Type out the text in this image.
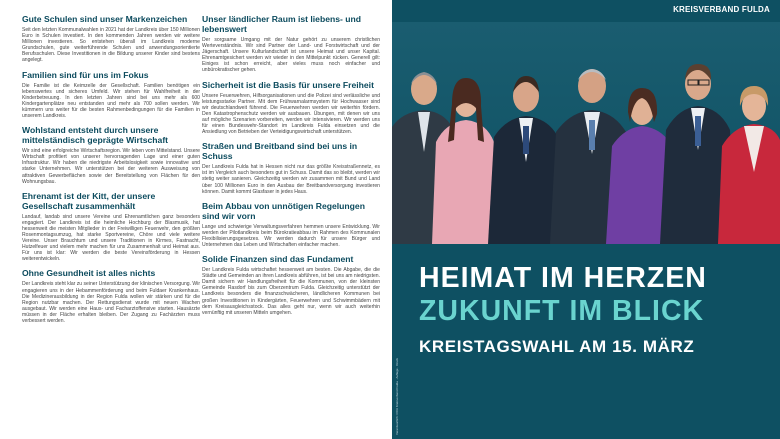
Gute Schulen sind unser Markenzeichen

Seit den letzten Kommunalwahlen in 2021 hat der Landkreis über 150 Millionen Euro in Schulen investiert. In den kommenden Jahren werden wir weitere Millionen investieren. So entstehen überall im Landkreis moderne Grundschulen, gute weiterführende Schulen und anwendungsorientierte Berufsschulen. Diese Investitionen in die Bildung unserer Kinder sind bestens angelegt.

Familien sind für uns im Fokus

Die Familie ist die Keimzelle der Gesellschaft. Familien benötigen ein lebenswertes und sicheres Umfeld. Wir stehen für Wahlfreiheit in der Kinderbetreuung. In den letzten Jahren sind bei uns mehr als 600 Kindergartenplätze neu entstanden und mehr als 700 sollen werden. Wir kümmern uns weiter für die besten Rahmenbedingungen für die Familien in unserem Landkreis.

Wohlstand entsteht durch unsere mittelständisch geprägte Wirtschaft

Wir sind eine erfolgreiche Wirtschaftsregion. Wir leben vom Mittelstand. Unsere Wirtschaft profitiert von unserer hervorragenden Lage und einer guten Infrastruktur. Wir haben die niedrigste Arbeitslosigkeit sowie innovative und starke Unternehmen. Wir unterstützen bei der weiteren Ausweisung von attraktiven Gewerbeflächen sowie der Bereitstellung von Flächen für den Wohnungsbau.

Ehrenamt ist der Kitt, der unsere Gesellschaft zusammenhält

Landauf, landab sind unsere Vereine und Ehrenamtlichen ganz besonders engagiert. Der Landkreis ist die heimliche Hochburg der Blasmusik, hat hessenweit die meisten Mitglieder in der Freiwilligen Feuerwehr, den größten Rosenmontagsumzug, hat starke Sportvereine, Chöre und viele weitere Vereine. Unser Brauchtum und unsere Traditionen in Kirmes, Fastnacht, Hutzelfeuer und vielem mehr machen für uns Zusammenhalt und Heimat aus. Für uns ist klar: Wir werden die beste Vereinsförderung in Hessen weiterentwickeln.

Ohne Gesundheit ist alles nichts

Der Landkreis steht klar zu seiner Unterstützung der klinischen Versorgung. Wir engagieren uns in der Hebammenförderung und beim Fuldaer Krankenhaus. Die Medizinerausbildung in der Region Fulda wollen wir stärken und für die Region nutzbar machen. Der Rettungsdienst wurde mit neuen Wachen ausgebaut. Wir werden eine Haus- und Facharztoffensive starten. Hausärzte müssen in der Fläche erhalten bleiben. Der Zugang zu Fachärzten muss verbessert werden.

Unser ländlicher Raum ist liebens- und lebenswert

Der sorgsame Umgang mit der Natur gehört zu unserem christlichen Werteverständnis. Wir sind Partner der Land- und Forstwirtschaft und der Jägerschaft. Unsere Kulturlandschaft ist unsere Heimat und unser Kapital. Ehrenamtgesichert werden wir wieder in den Mittelpunkt rücken. Generell gilt: Einiges ist schon erreicht, aber vieles muss noch einfacher und unbürokratischer gehen.

Sicherheit ist die Basis für unsere Freiheit

Unsere Feuerwehren, Hilfsorganisationen und die Polizei sind verlässliche und leistungsstarke Partner. Mit dem Frühwarnalarmsystem für Hochwasser sind wir deutschlandweit führend. Die Feuerwehren werden wir weiterhin fördern. Den Katastrophenschutz werden wir ausbauen. Übungen, mit denen wir uns auf mögliche Szenarien vorbereiten, werden wir intensivieren. Wir werden uns für einen Bundeswehr-Standort im Landkreis Fulda einsetzen und die Ansiedlung von Betrieben der Verteidigungswirtschaft unterstützen.

Straßen und Breitband sind bei uns in Schuss

Der Landkreis Fulda hat in Hessen nicht nur das größte Kreisstraßennetz, es ist im Vergleich auch besonders gut in Schuss. Damit das so bleibt, werden wir stetig weiter sanieren. Gleichzeitig werden wir zusammen mit Bund und Land über 100 Millionen Euro in den Ausbau der Breitbandversorgung investieren können. Damit kommt Glasfaser in jedes Haus.

Beim Abbau von unnötigen Regelungen sind wir vorn

Lange und schwierige Verwaltungsverfahren hemmen unsere Entwicklung. Wir werden der Pilotlandkreis beim Bürokratieabbau im Rahmen des Kommunalen Flexibilisierungsgesetzes. Wir werden dadurch für unsere Bürger und Unternehmen das Leben und Wirtschaften einfacher machen.

Solide Finanzen sind das Fundament

Der Landkreis Fulda wirtschaftet hessenweit am besten. Die Abgabe, die die Städte und Gemeinden an ihren Landkreis abführen, ist bei uns am niedrigsten. Damit sichern wir Handlungsfreiheit für die Kommunen, von der kleinsten Gemeinde Rasdorf bis zum Oberzentrum Fulda. Gleichzeitig unterstützt der Landkreis besonders die finanzschwächeren, ländlicheren Kommunen bei großen Investitionen in Kindergärten, Feuerwehren und Schwimmbädern mit dem Kreisausgleichsstock. Das alles geht nur, wenn wir auch weiterhin vernünftig mit unseren Mitteln umgehen.

KREISVERBAND FULDA
HEIMAT IM HERZEN
ZUKUNFT IM BLICK
KREISTAGSWAHL AM 15. MÄRZ
Verantwortlich: CDU Kreisverband Fulda · Auflage · Druck
